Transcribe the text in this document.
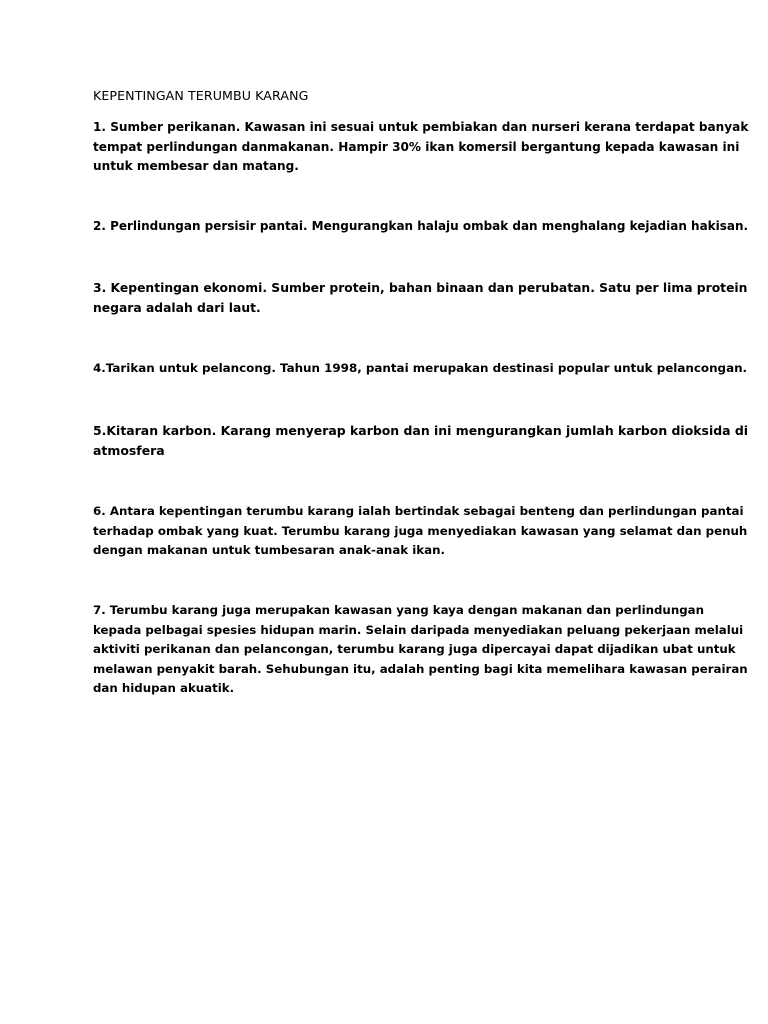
KEPENTINGAN TERUMBU KARANG
1. Sumber perikanan. Kawasan ini sesuai untuk pembiakan dan nurseri kerana terdapat banyak
tempat perlindungan danmakanan. Hampir 30% ikan komersil bergantung kepada kawasan ini
untuk membesar dan matang.
2. Perlindungan persisir pantai. Mengurangkan halaju ombak dan menghalang kejadian hakisan.
3. Kepentingan ekonomi. Sumber protein, bahan binaan dan perubatan. Satu per lima protein
negara adalah dari laut.
4.Tarikan untuk pelancong. Tahun 1998, pantai merupakan destinasi popular untuk pelancongan.
5.Kitaran karbon. Karang menyerap karbon dan ini mengurangkan jumlah karbon dioksida di
atmosfera
6. Antara kepentingan terumbu karang ialah bertindak sebagai benteng dan perlindungan pantai
terhadap ombak yang kuat. Terumbu karang juga menyediakan kawasan yang selamat dan penuh
dengan makanan untuk tumbesaran anak-anak ikan.
7. Terumbu karang juga merupakan kawasan yang kaya dengan makanan dan perlindungan
kepada pelbagai spesies hidupan marin. Selain daripada menyediakan peluang pekerjaan melalui
aktiviti perikanan dan pelancongan, terumbu karang juga dipercayai dapat dijadikan ubat untuk
melawan penyakit barah. Sehubungan itu, adalah penting bagi kita memelihara kawasan perairan
dan hidupan akuatik.
